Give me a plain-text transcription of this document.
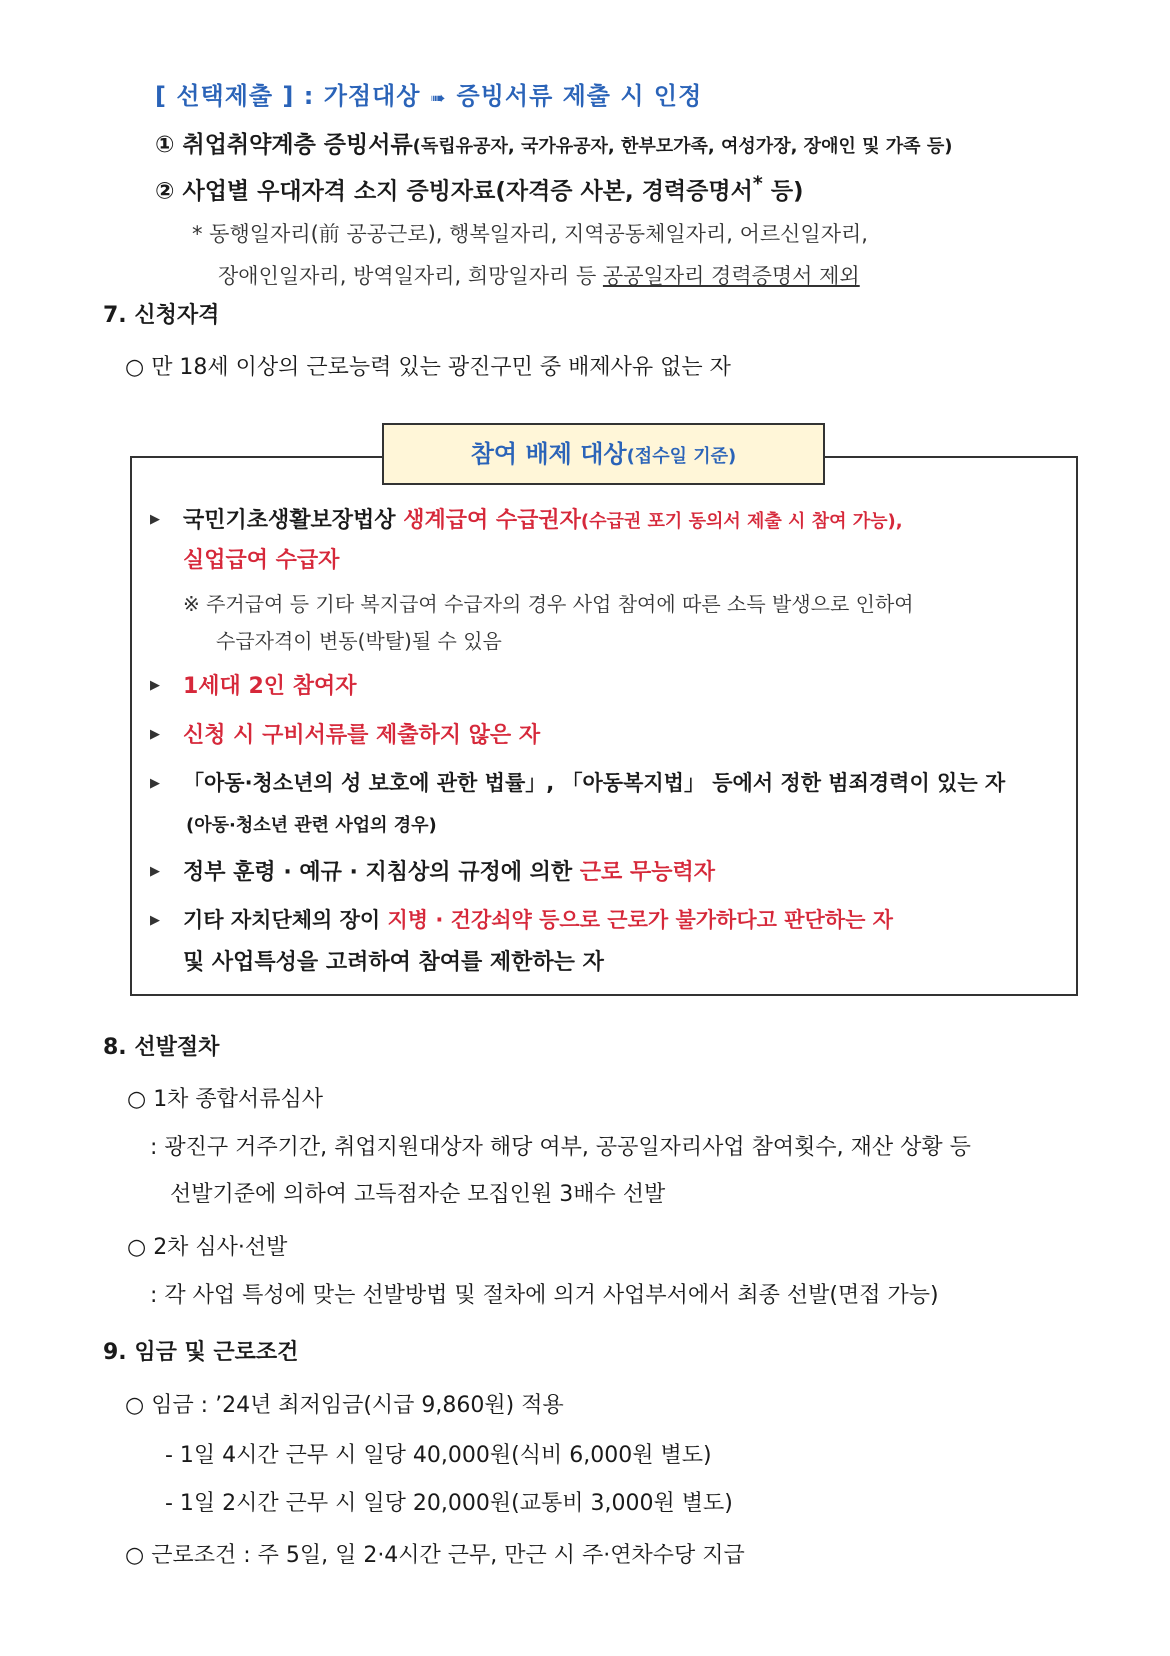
[ 선택제출 ] : 가점대상 ➠ 증빙서류 제출 시 인정
① 취업취약계층 증빙서류(독립유공자, 국가유공자, 한부모가족, 여성가장, 장애인 및 가족 등)
② 사업별 우대자격 소지 증빙자료(자격증 사본, 경력증명서* 등)
* 동행일자리(前 공공근로), 행복일자리, 지역공동체일자리, 어르신일자리,
장애인일자리, 방역일자리, 희망일자리 등 공공일자리 경력증명서 제외
7. 신청자격
○ 만 18세 이상의 근로능력 있는 광진구민 중 배제사유 없는 자
참여 배제 대상(접수일 기준)
▶ 국민기초생활보장법상 생계급여 수급권자(수급권 포기 동의서 제출 시 참여 가능),
실업급여 수급자
※ 주거급여 등 기타 복지급여 수급자의 경우 사업 참여에 따른 소득 발생으로 인하여
수급자격이 변동(박탈)될 수 있음
▶ 1세대 2인 참여자
▶ 신청 시 구비서류를 제출하지 않은 자
▶ 「아동·청소년의 성 보호에 관한 법률」, 「아동복지법」 등에서 정한 범죄경력이 있는 자
(아동·청소년 관련 사업의 경우)
▶ 정부 훈령 · 예규 · 지침상의 규정에 의한 근로 무능력자
▶ 기타 자치단체의 장이 지병 · 건강쇠약 등으로 근로가 불가하다고 판단하는 자
및 사업특성을 고려하여 참여를 제한하는 자
8. 선발절차
○ 1차 종합서류심사
: 광진구 거주기간, 취업지원대상자 해당 여부, 공공일자리사업 참여횟수, 재산 상황 등
선발기준에 의하여 고득점자순 모집인원 3배수 선발
○ 2차 심사·선발
: 각 사업 특성에 맞는 선발방법 및 절차에 의거 사업부서에서 최종 선발(면접 가능)
9. 임금 및 근로조건
○ 임금 : ’24년 최저임금(시급 9,860원) 적용
- 1일 4시간 근무 시 일당 40,000원(식비 6,000원 별도)
- 1일 2시간 근무 시 일당 20,000원(교통비 3,000원 별도)
○ 근로조건 : 주 5일, 일 2·4시간 근무, 만근 시 주·연차수당 지급
